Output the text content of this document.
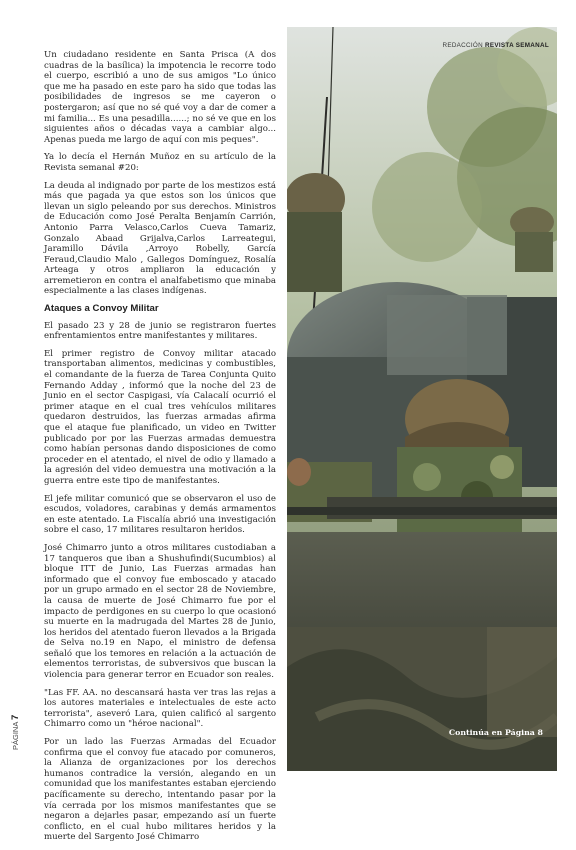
Un ciudadano residente en Santa Prisca (A dos cuadras de la basílica) la impotencia le recorre todo el cuerpo, escribió a uno de sus amigos "Lo único que me ha pasado en este paro ha sido que todas las posibilidades de ingresos se me cayeron o postergaron; así que no sé qué voy a dar de comer a mi familia... Es una pesadilla......; no sé ve que en los siguientes años o décadas vaya a cambiar algo... Apenas pueda me largo de aquí con mis peques".

Ya lo decía el Hernán Muñoz en su artículo de la Revista semanal #20:

La deuda al indignado por parte de los mestizos está más que pagada ya que estos son los únicos que llevan un siglo peleando por sus derechos. Ministros de Educación como José Peralta Benjamín Carrión, Antonio Parra Velasco,Carlos Cueva Tamariz, Gonzalo Abaad Grijalva,Carlos Larreategui, Jaramillo Dávila ,Arroyo Robelly, García Feraud,Claudio Malo , Gallegos Domínguez, Rosalía Arteaga y otros ampliaron la educación y arremetieron en contra el analfabetismo que minaba especialmente a las clases indígenas.

Ataques a Convoy Militar

El pasado 23 y 28 de junio se registraron fuertes enfrentamientos entre manifestantes y militares.

El primer registro de Convoy militar atacado transportaban alimentos, medicinas y combustibles, el comandante de la fuerza de Tarea Conjunta Quito Fernando Adday , informó que la noche del 23 de Junio en el sector Caspigasi, vía Calacalí ocurrió el primer ataque en el cual tres vehículos militares quedaron destruidos, las fuerzas armadas afirma que el ataque fue planificado, un video en Twitter publicado por por las Fuerzas armadas demuestra como habían personas dando disposiciones de como proceder en el atentado, el nivel de odio y llamado a la agresión del video demuestra una motivación a la guerra entre este tipo de manifestantes.

El jefe militar comunicó que se observaron el uso de escudos, voladores, carabinas y demás armamentos en este atentado. La Fiscalía abrió una investigación sobre el caso, 17 militares resultaron heridos.

José Chimarro junto a otros militares custodiaban a 17 tanqueros que iban a Shushufindi(Sucumbios) al bloque ITT de Junio, Las Fuerzas armadas han informado que el convoy fue emboscado y atacado por un grupo armado en el sector 28 de Noviembre, la causa de muerte de José Chimarro fue por el impacto de perdigones en su cuerpo lo que ocasionó su muerte en la madrugada del Martes 28 de Junio, los heridos del atentado fueron llevados a la Brigada de Selva no.19 en Napo, el ministro de defensa señaló que los temores en relación a la actuación de elementos terroristas, de subversivos que buscan la violencia para generar terror en Ecuador son reales.

"Las FF. AA. no descansará hasta ver tras las rejas a los autores materiales e intelectuales de este acto terrorista", aseveró Lara, quien calificó al sargento Chimarro como un "héroe nacional".

Por un lado las Fuerzas Armadas del Ecuador confirma que el convoy fue atacado por comuneros, la Alianza de organizaciones por los derechos humanos contradice la versión, alegando en un comunidad que los manifestantes estaban ejerciendo pacíficamente su derecho, intentando pasar por la vía cerrada por los mismos manifestantes que se negaron a dejarles pasar, empezando así un fuerte conflicto, en el cual hubo militares heridos y la muerte del Sargento José Chimarro

REDACCIÓN REVISTA SEMANAL
Continúa en Página 8
PÁGINA 7
